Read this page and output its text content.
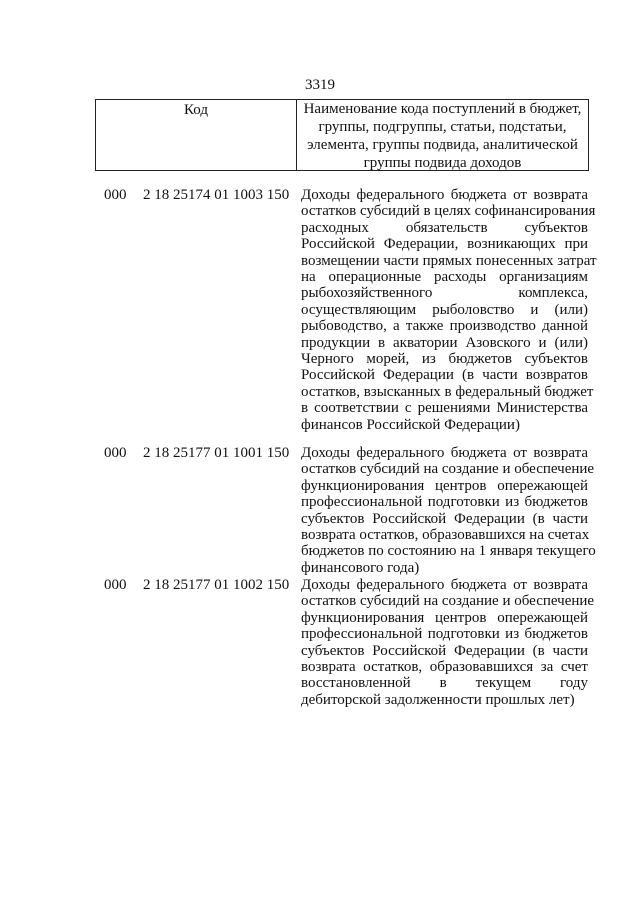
3319
Код	Наименование кода поступлений в бюджет,
группы, подгруппы, статьи, подстатьи,
элемента, группы подвида, аналитической
группы подвида доходов
000 2 18 25174 01 1003 150 Доходы федерального бюджета от возврата
остатков субсидий в целях софинансирования
расходных обязательств субъектов
Российской Федерации, возникающих при
возмещении части прямых понесенных затрат
на операционные расходы организациям
рыбохозяйственного комплекса,
осуществляющим рыболовство и (или)
рыбоводство, а также производство данной
продукции в акватории Азовского и (или)
Черного морей, из бюджетов субъектов
Российской Федерации (в части возвратов
остатков, взысканных в федеральный бюджет
в соответствии с решениями Министерства
финансов Российской Федерации)
000 2 18 25177 01 1001 150 Доходы федерального бюджета от возврата
остатков субсидий на создание и обеспечение
функционирования центров опережающей
профессиональной подготовки из бюджетов
субъектов Российской Федерации (в части
возврата остатков, образовавшихся на счетах
бюджетов по состоянию на 1 января текущего
финансового года)
000 2 18 25177 01 1002 150 Доходы федерального бюджета от возврата
остатков субсидий на создание и обеспечение
функционирования центров опережающей
профессиональной подготовки из бюджетов
субъектов Российской Федерации (в части
возврата остатков, образовавшихся за счет
восстановленной в текущем году
дебиторской задолженности прошлых лет)
